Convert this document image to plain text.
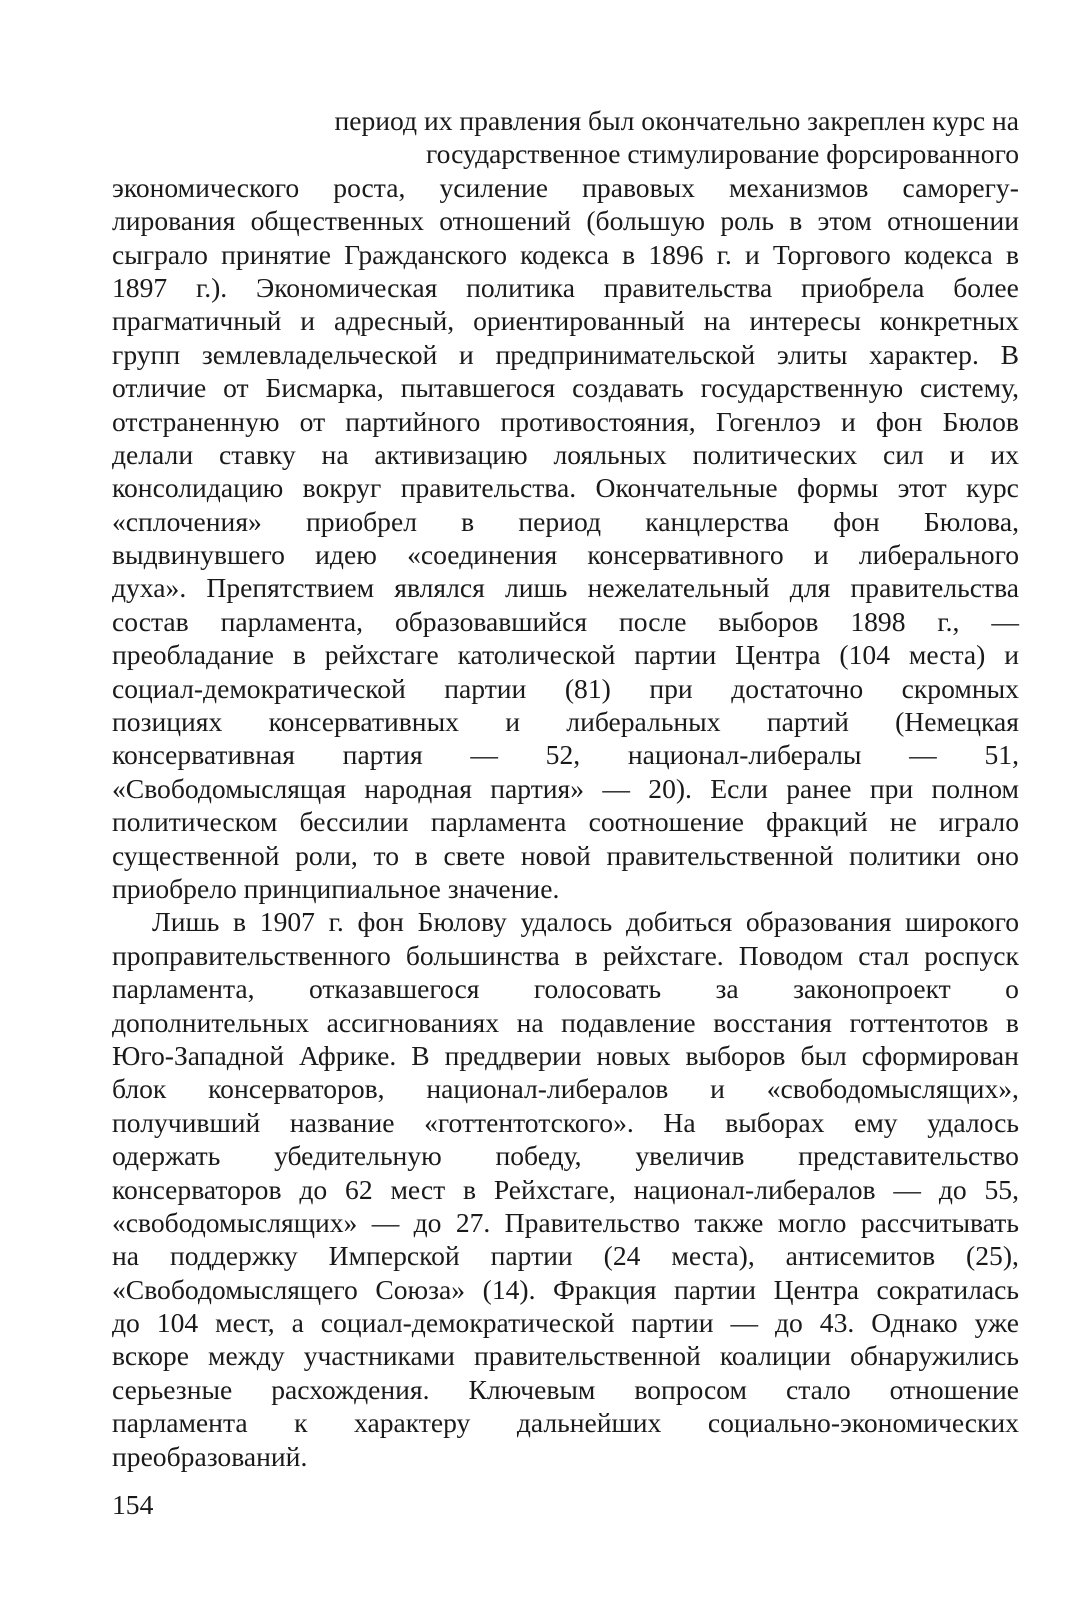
период их правления был окончательно закреплен курс на
государственное стимулирование форсированного
экономического роста, усиление правовых механизмов саморегу-
лирования общественных отношений (большую роль в этом отношении
сыграло принятие Гражданского кодекса в 1896 г. и Торгового кодекса в
1897 г.). Экономическая политика правительства приобрела более
прагматичный и адресный, ориентированный на интересы конкретных
групп землевладельческой и предпринимательской элиты характер. В
отличие от Бисмарка, пытавшегося создавать государственную систему,
отстраненную от партийного противостояния, Гогенлоэ и фон Бюлов
делали ставку на активизацию лояльных политических сил и их
консолидацию вокруг правительства. Окончательные формы этот курс
«сплочения» приобрел в период канцлерства фон Бюлова,
выдвинувшего идею «соединения консервативного и либерального
духа». Препятствием являлся лишь нежелательный для правительства
состав парламента, образовавшийся после выборов 1898 г., —
преобладание в рейхстаге католической партии Центра (104 места) и
социал-демократической партии (81) при достаточно скромных
позициях консервативных и либеральных партий (Немецкая
консервативная партия — 52, национал-либералы — 51,
«Свободомыслящая народная партия» — 20). Если ранее при полном
политическом бессилии парламента соотношение фракций не играло
существенной роли, то в свете новой правительственной политики оно
приобрело принципиальное значение.
Лишь в 1907 г. фон Бюлову удалось добиться образования широкого
проправительственного большинства в рейхстаге. Поводом стал роспуск
парламента, отказавшегося голосовать за законопроект о
дополнительных ассигнованиях на подавление восстания готтентотов в
Юго-Западной Африке. В преддверии новых выборов был сформирован
блок консерваторов, национал-либералов и «свободомыслящих»,
получивший название «готтентотского». На выборах ему удалось
одержать убедительную победу, увеличив представительство
консерваторов до 62 мест в Рейхстаге, национал-либералов — до 55,
«свободомыслящих» — до 27. Правительство также могло рассчитывать
на поддержку Имперской партии (24 места), антисемитов (25),
«Свободомыслящего Союза» (14). Фракция партии Центра сократилась
до 104 мест, а социал-демократической партии — до 43. Однако уже
вскоре между участниками правительственной коалиции обнаружились
серьезные расхождения. Ключевым вопросом стало отношение
парламента к характеру дальнейших социально-экономических
преобразований.
154
